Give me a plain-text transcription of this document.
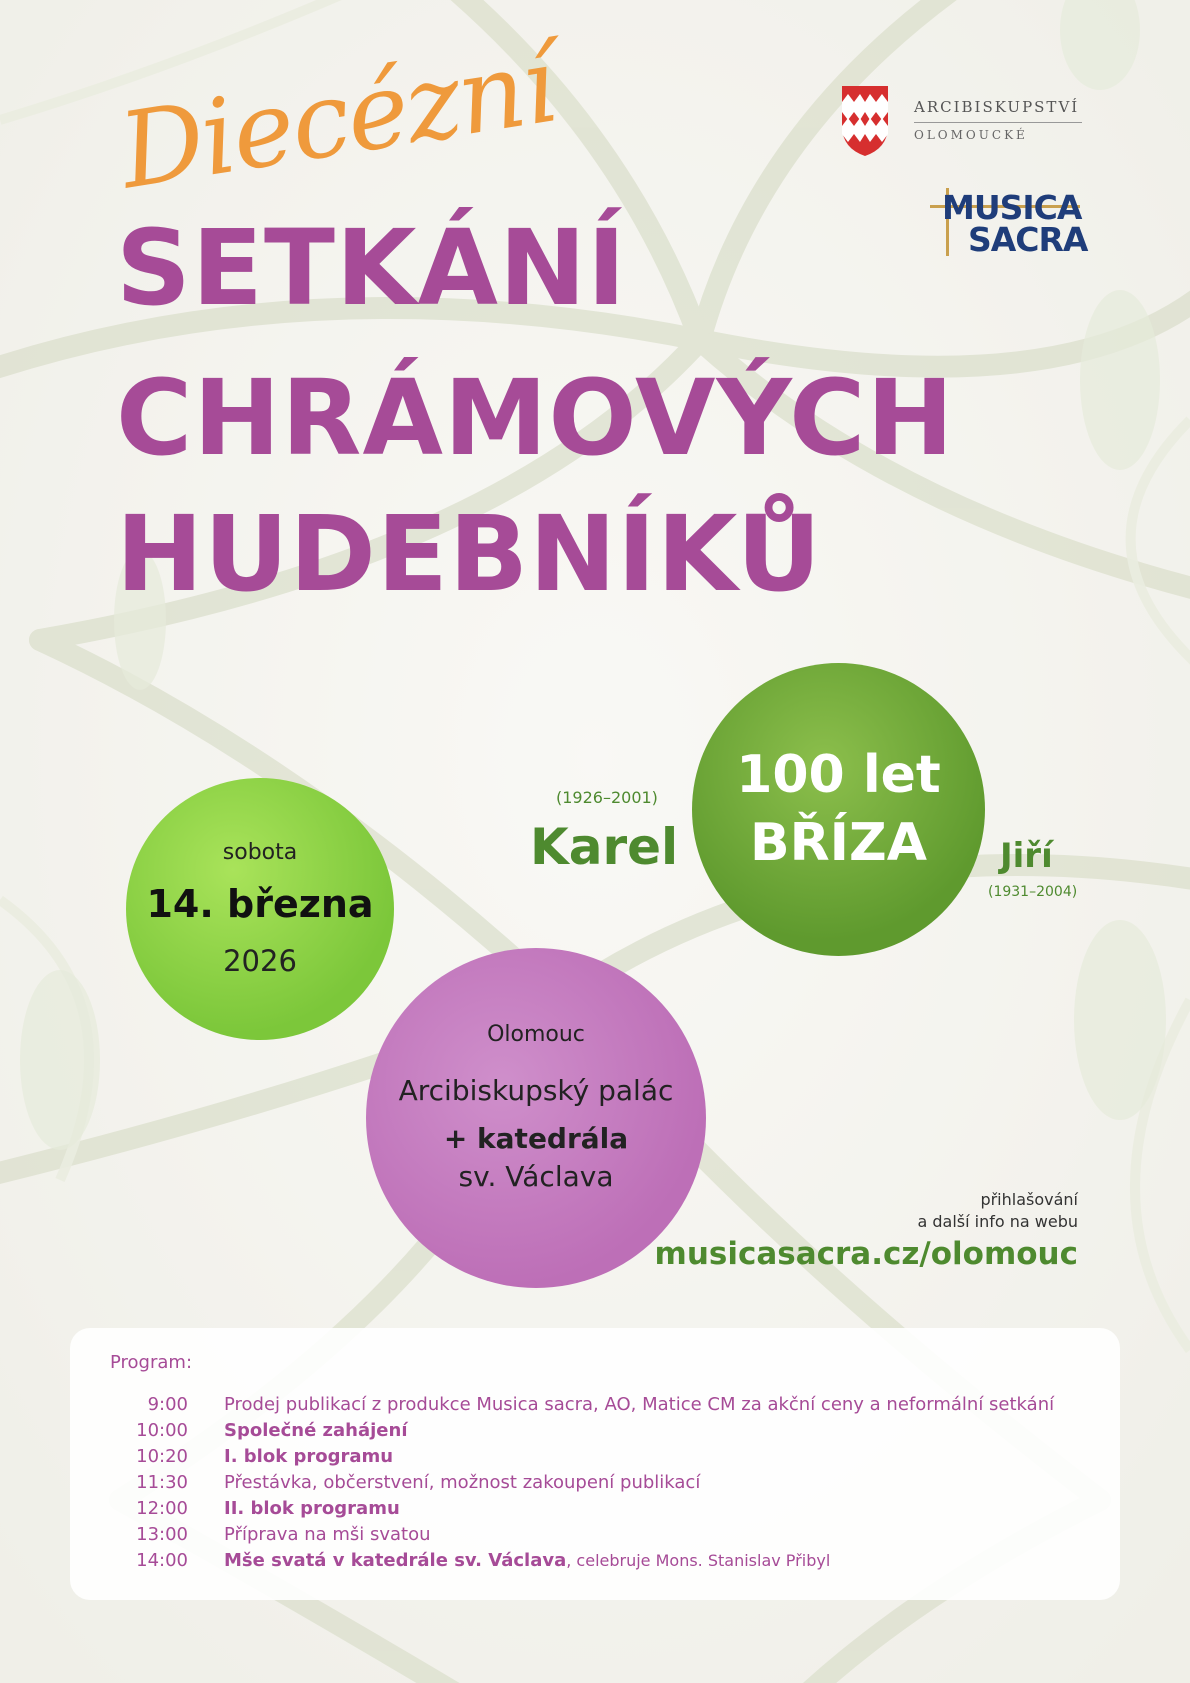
ARCIBISKUPSTVÍ
OLOMOUCKÉ
MUSICA
SACRA
Diecézní
SETKÁNÍ
CHRÁMOVÝCH
HUDEBNÍKŮ
sobota
14. března
2026
(1926–2001)
Karel
100 let
BŘÍZA	Jiří
(1931–2004)
Olomouc
Arcibiskupský palác
+ katedrála
sv. Václava
přihlašování
a další info na webu
musicasacra.cz/olomouc
Program:
9:00 Prodej publikací z produkce Musica sacra, AO, Matice CM za akční ceny a neformální setkání
10:00 Společné zahájení
10:20 I. blok programu
11:30 Přestávka, občerstvení, možnost zakoupení publikací
12:00 II. blok programu
13:00 Příprava na mši svatou
14:00 Mše svatá v katedrále sv. Václava, celebruje Mons. Stanislav Přibyl
